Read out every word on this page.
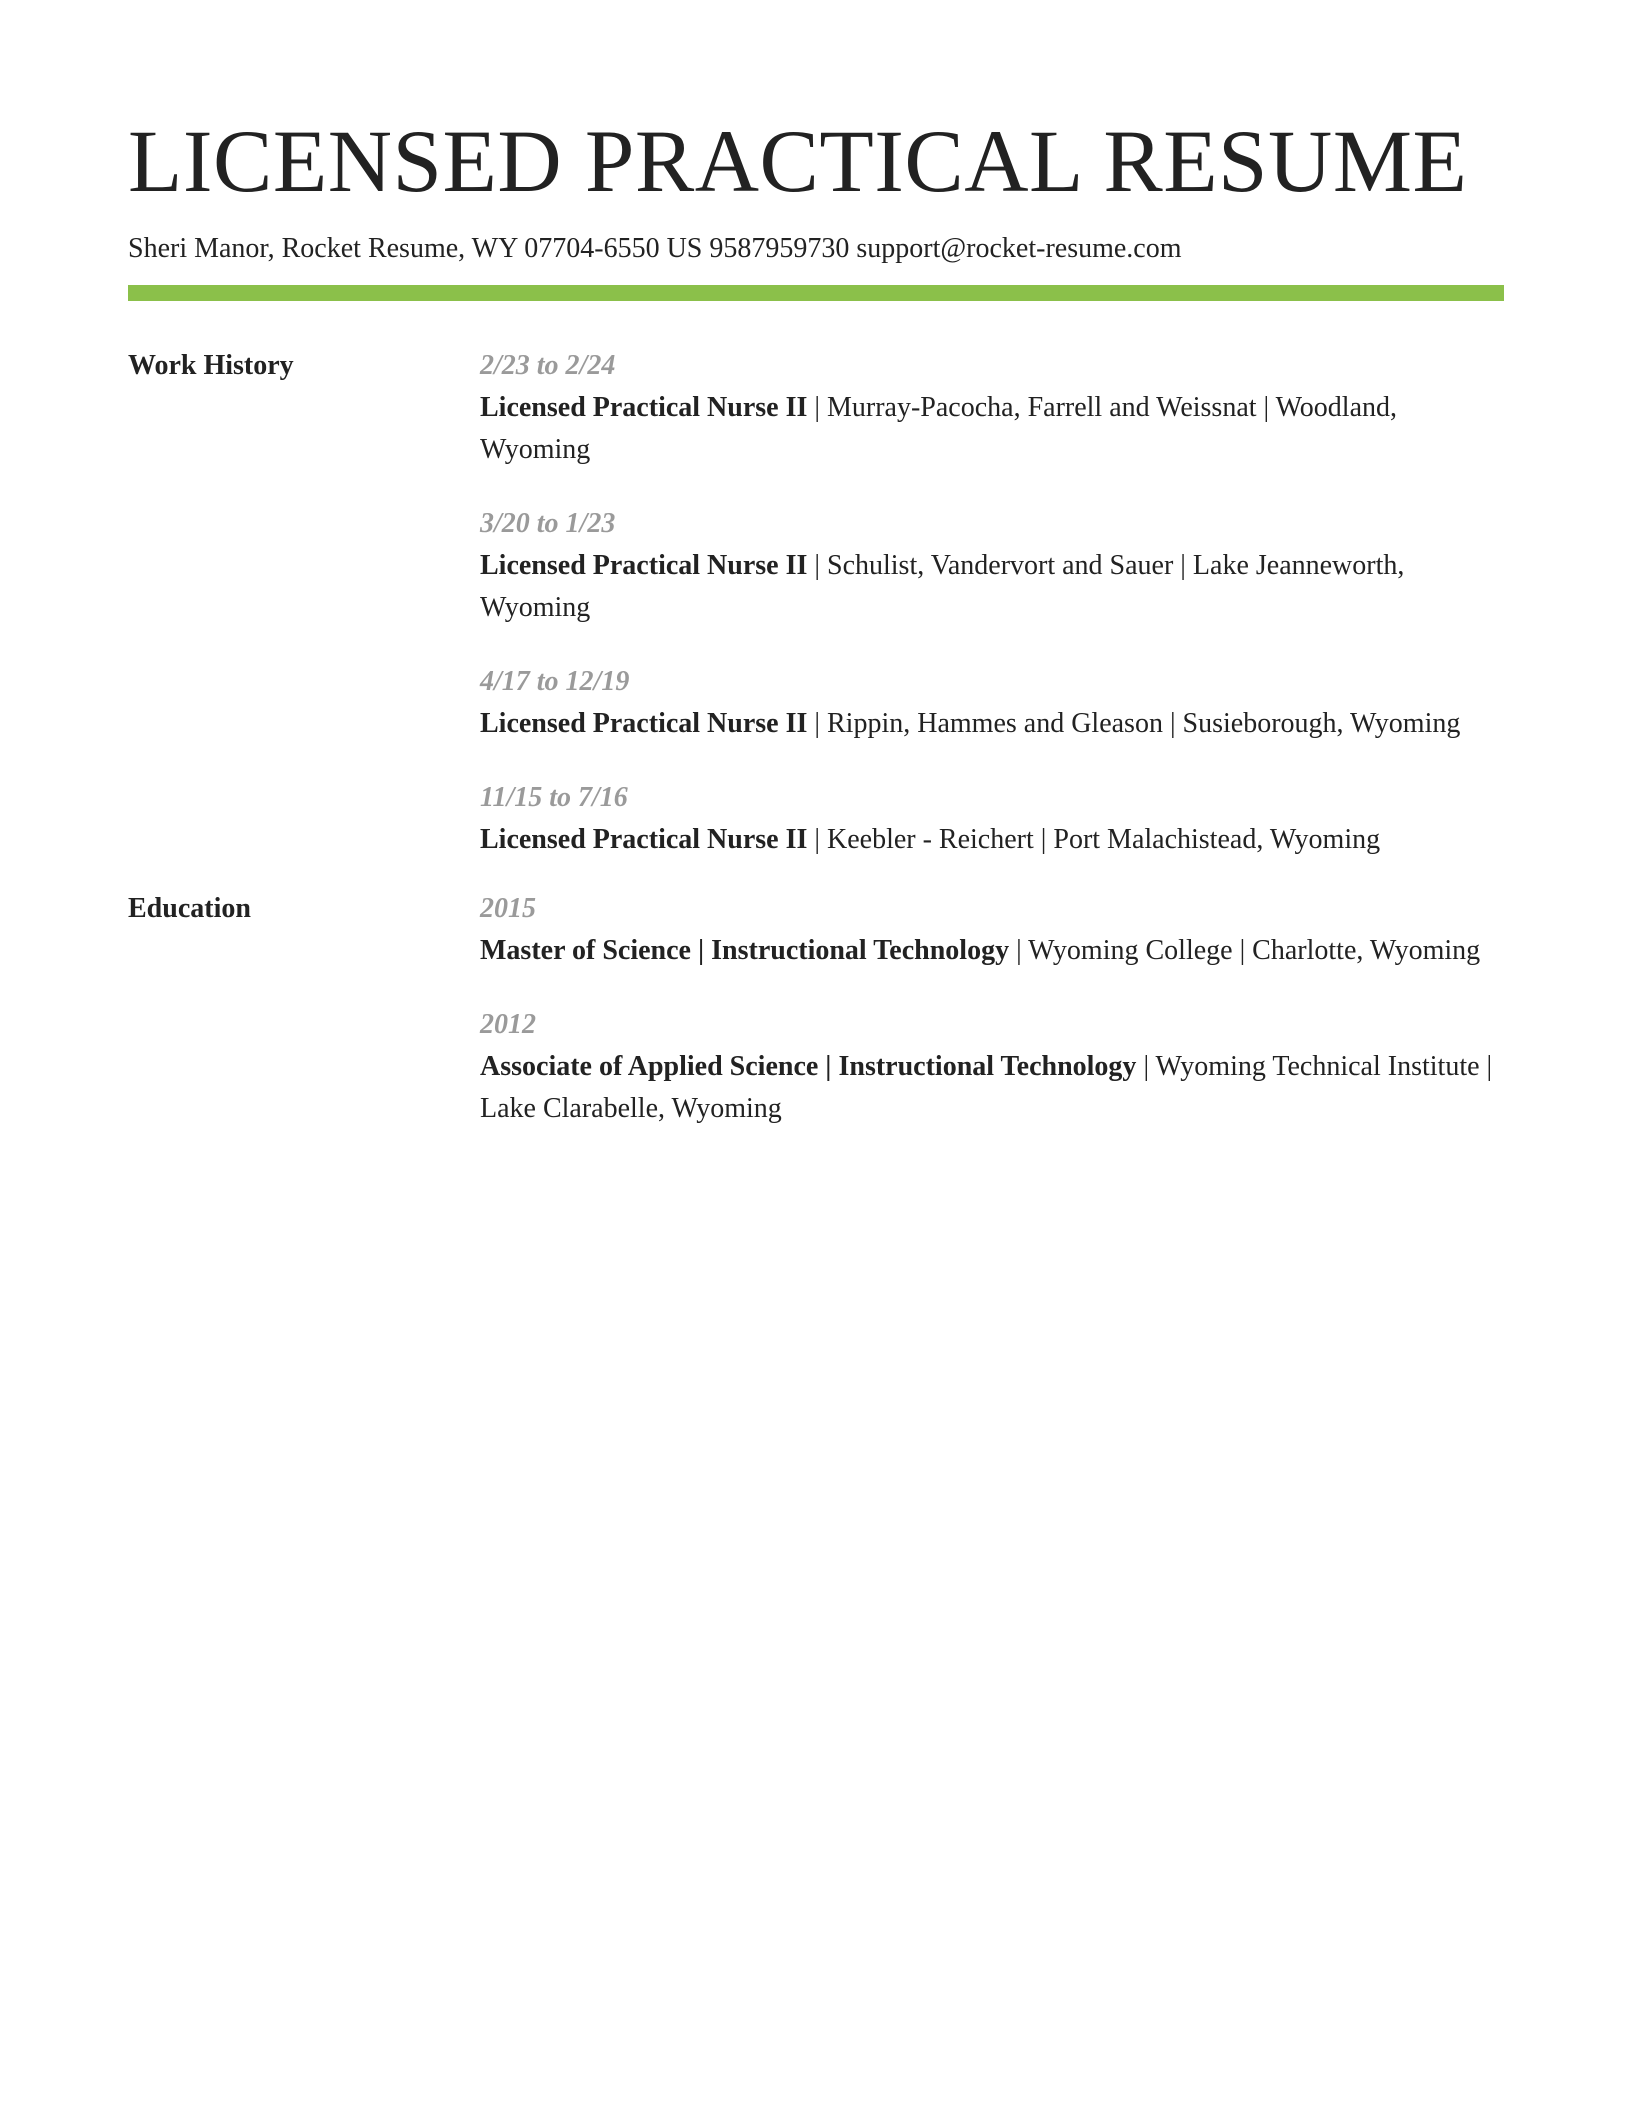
LICENSED PRACTICAL RESUME
Sheri Manor, Rocket Resume, WY 07704-6550 US 9587959730 support@rocket-resume.com
Work History	2/23 to 2/24
Licensed Practical Nurse II | Murray-Pacocha, Farrell and Weissnat | Woodland, Wyoming
3/20 to 1/23
Licensed Practical Nurse II | Schulist, Vandervort and Sauer | Lake Jeanneworth, Wyoming
4/17 to 12/19
Licensed Practical Nurse II | Rippin, Hammes and Gleason | Susieborough, Wyoming
11/15 to 7/16
Licensed Practical Nurse II | Keebler - Reichert | Port Malachistead, Wyoming
Education	2015
Master of Science | Instructional Technology | Wyoming College | Charlotte, Wyoming
2012
Associate of Applied Science | Instructional Technology | Wyoming Technical Institute | Lake Clarabelle, Wyoming
